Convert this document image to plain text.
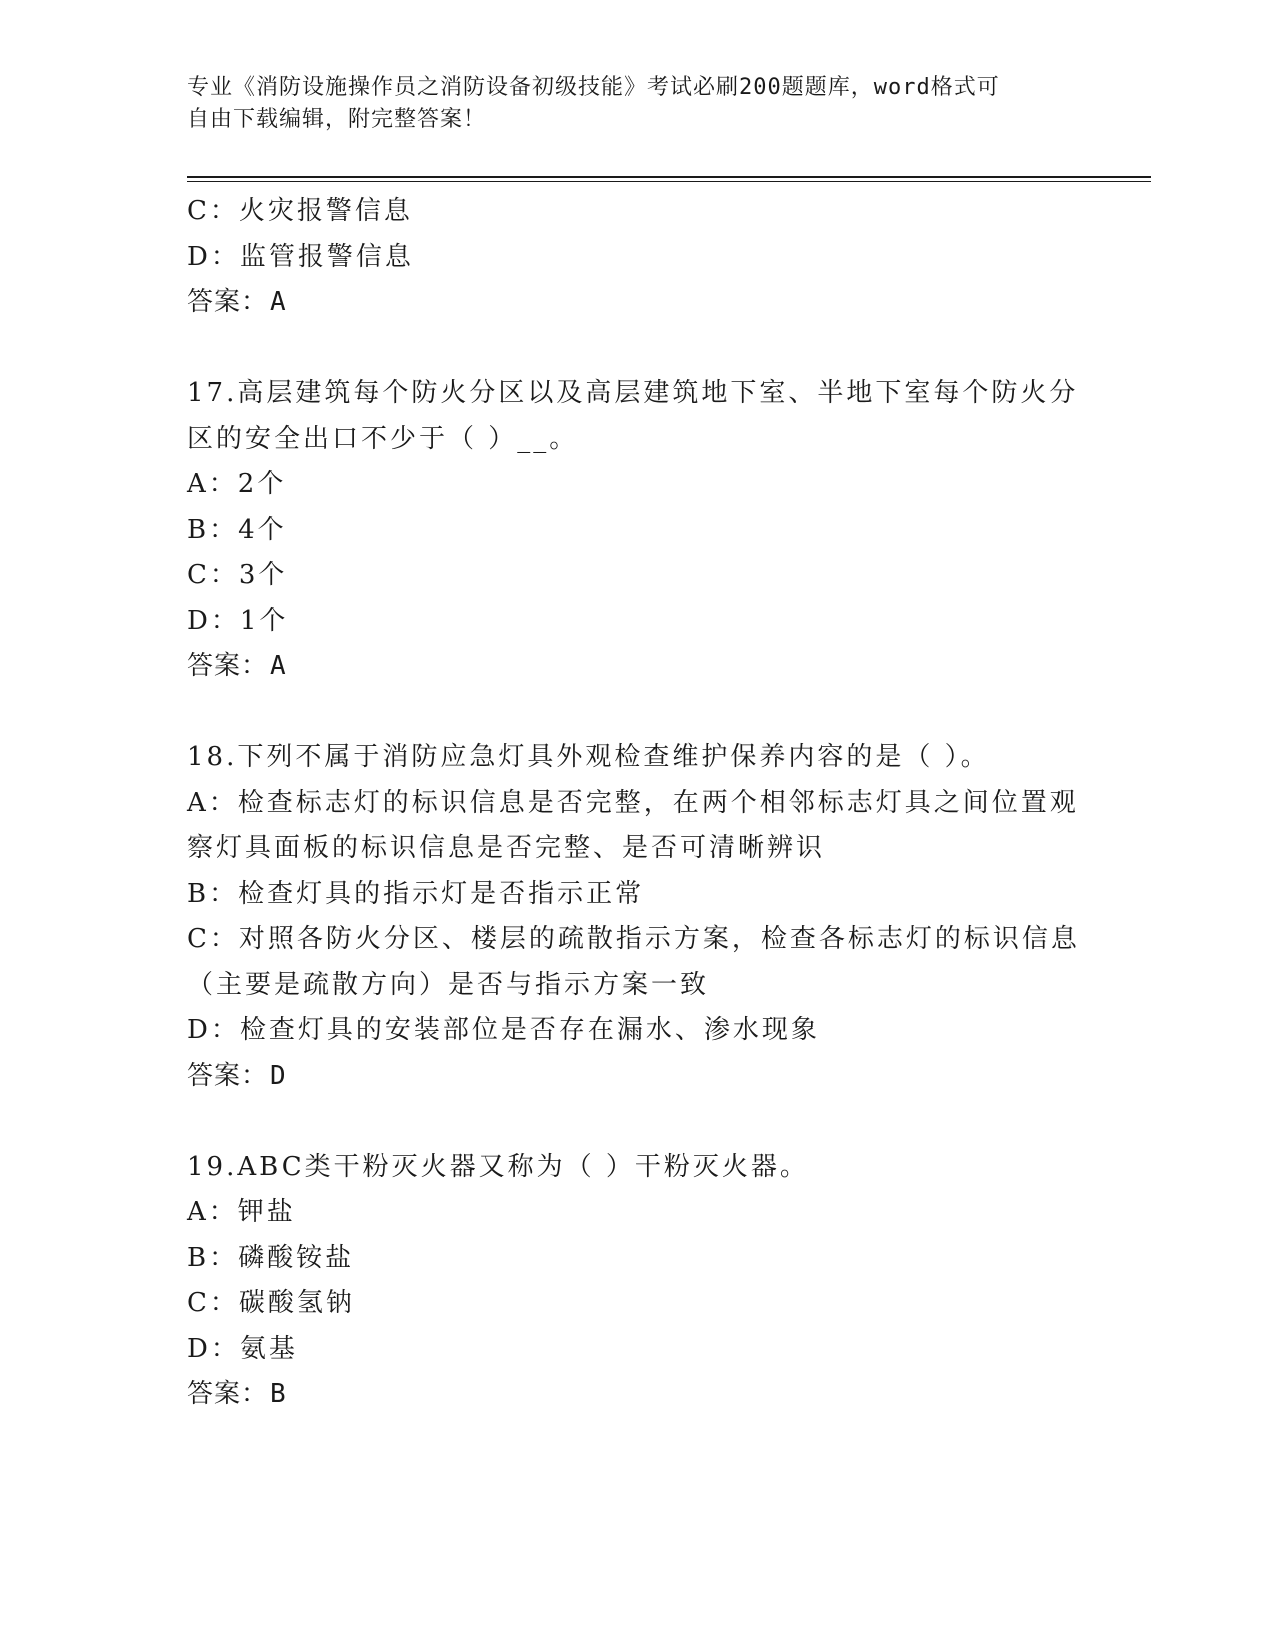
专业《消防设施操作员之消防设备初级技能》考试必刷200题题库，word格式可
自由下载编辑，附完整答案！
C：火灾报警信息
D：监管报警信息
答案：A
17.高层建筑每个防火分区以及高层建筑地下室、半地下室每个防火分
区的安全出口不少于（ ）__。
A：2个
B：4个
C：3个
D：1个
答案：A
18.下列不属于消防应急灯具外观检查维护保养内容的是（ ）。
A：检查标志灯的标识信息是否完整，在两个相邻标志灯具之间位置观
察灯具面板的标识信息是否完整、是否可清晰辨识
B：检查灯具的指示灯是否指示正常
C：对照各防火分区、楼层的疏散指示方案，检查各标志灯的标识信息
（主要是疏散方向）是否与指示方案一致
D：检查灯具的安装部位是否存在漏水、渗水现象
答案：D
19.ABC类干粉灭火器又称为（ ）干粉灭火器。
A：钾盐
B：磷酸铵盐
C：碳酸氢钠
D：氨基
答案：B
